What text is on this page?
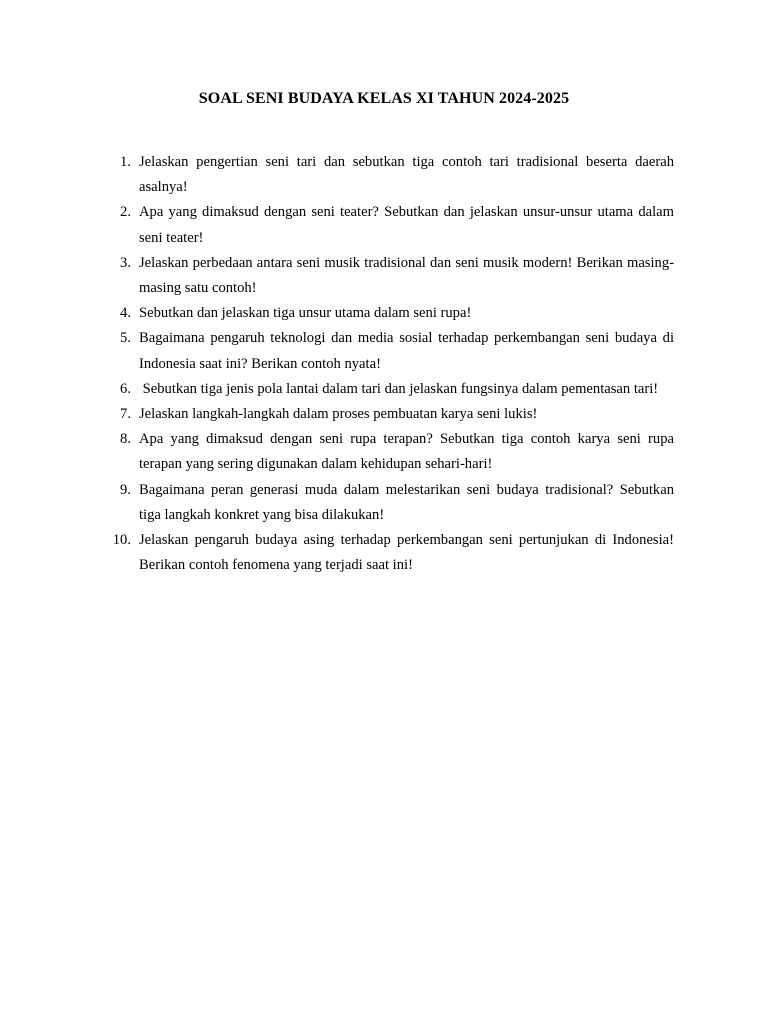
SOAL SENI BUDAYA KELAS XI TAHUN 2024-2025
1. Jelaskan pengertian seni tari dan sebutkan tiga contoh tari tradisional beserta daerah asalnya!
2. Apa yang dimaksud dengan seni teater? Sebutkan dan jelaskan unsur-unsur utama dalam seni teater!
3. Jelaskan perbedaan antara seni musik tradisional dan seni musik modern! Berikan masing-masing satu contoh!
4. Sebutkan dan jelaskan tiga unsur utama dalam seni rupa!
5. Bagaimana pengaruh teknologi dan media sosial terhadap perkembangan seni budaya di Indonesia saat ini? Berikan contoh nyata!
6. Sebutkan tiga jenis pola lantai dalam tari dan jelaskan fungsinya dalam pementasan tari!
7. Jelaskan langkah-langkah dalam proses pembuatan karya seni lukis!
8. Apa yang dimaksud dengan seni rupa terapan? Sebutkan tiga contoh karya seni rupa terapan yang sering digunakan dalam kehidupan sehari-hari!
9. Bagaimana peran generasi muda dalam melestarikan seni budaya tradisional? Sebutkan tiga langkah konkret yang bisa dilakukan!
10. Jelaskan pengaruh budaya asing terhadap perkembangan seni pertunjukan di Indonesia! Berikan contoh fenomena yang terjadi saat ini!
